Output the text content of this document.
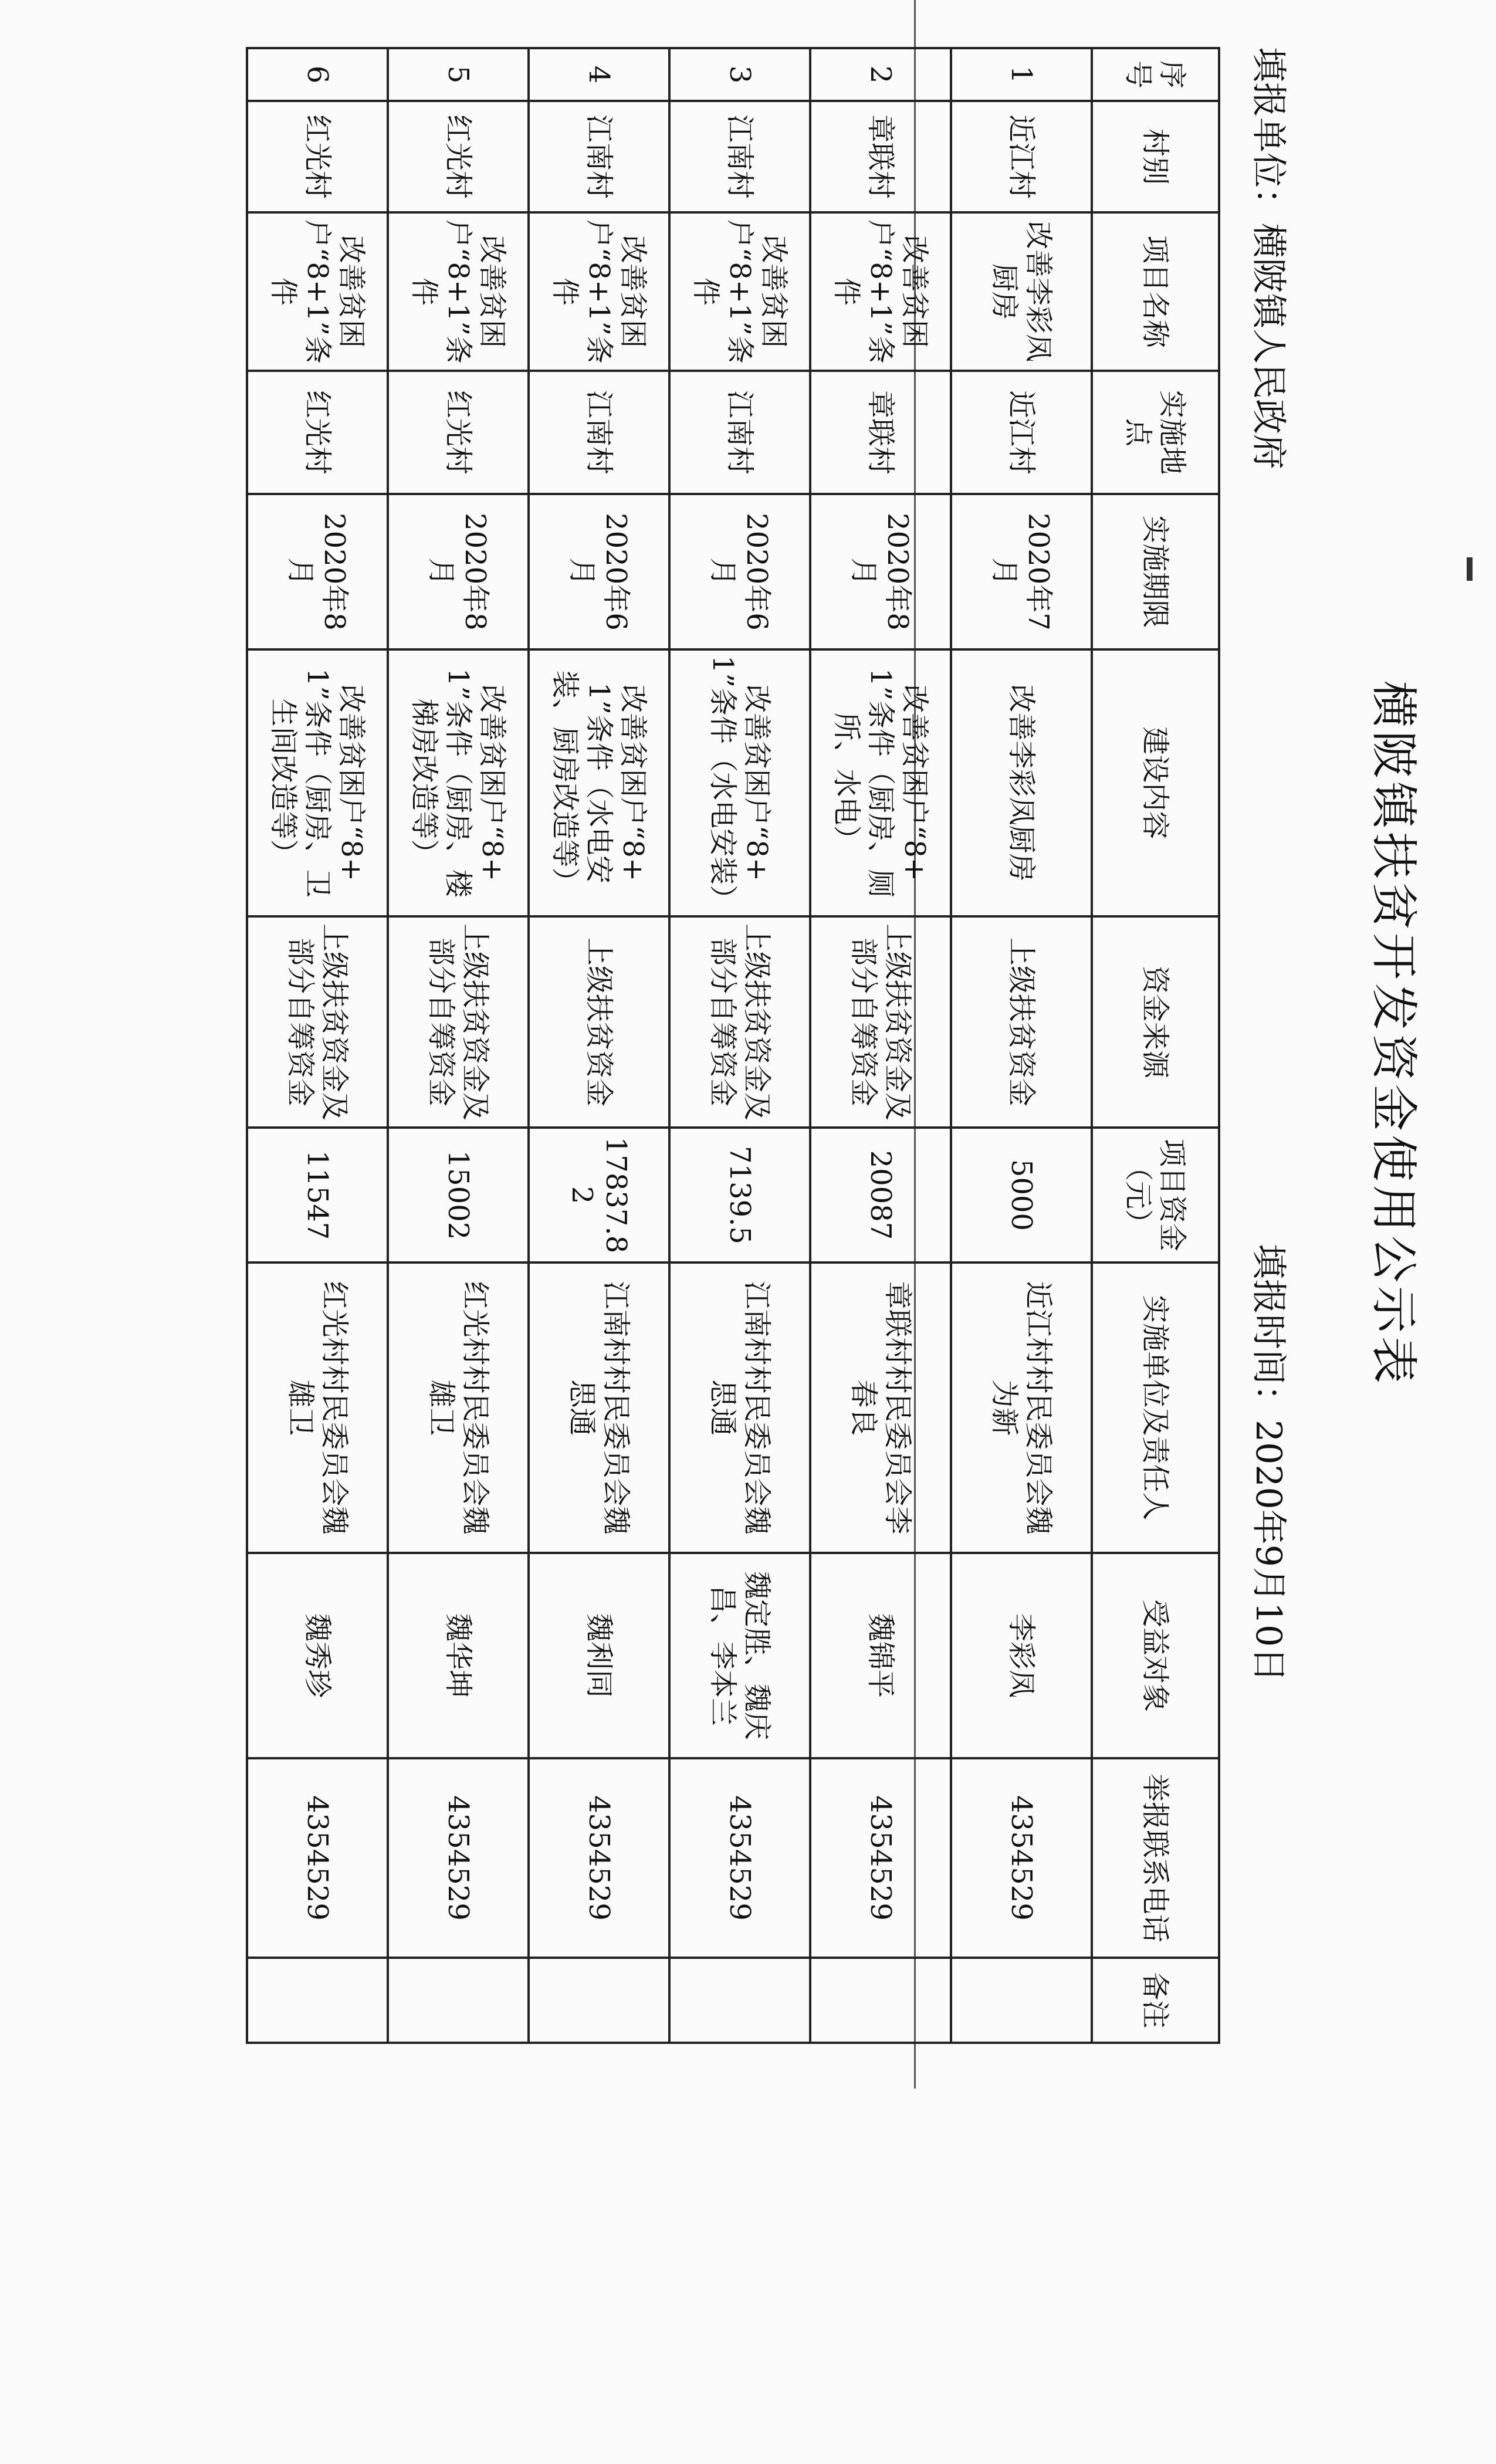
横陂镇扶贫开发资金使用公示表
填报单位：横陂镇人民政府
填报时间：2020年9月10日
序号	村别	项目名称	实施地点	实施期限	建设内容	资金来源	项目资金（元）	实施单位及责任人	受益对象	举报联系电话	备注
1	近江村	改善李彩凤厨房	近江村	2020年7月	改善李彩凤厨房	上级扶贫资金	5000	近江村村民委员会魏为新	李彩凤	4354529	
2	章联村	改善贫困户“8+1”条件	章联村	2020年8月	改善贫困户“8+1”条件（厨房、厕所、水电）	上级扶贫资金及部分自筹资金	20087	章联村村民委员会李春良	魏锦平	4354529	
3	江南村	改善贫困户“8+1”条件	江南村	2020年6月	改善贫困户“8+1”条件（水电安装）	上级扶贫资金及部分自筹资金	7139.5	江南村村民委员会魏思通	魏定胜、魏庆昌、李本兰	4354529	
4	江南村	改善贫困户“8+1”条件	江南村	2020年6月	改善贫困户“8+1”条件（水电安装、厨房改造等）	上级扶贫资金	17837.82	江南村村民委员会魏思通	魏利同	4354529	
5	红光村	改善贫困户“8+1”条件	红光村	2020年8月	改善贫困户“8+1”条件（厨房、楼梯房改造等）	上级扶贫资金及部分自筹资金	15002	红光村村民委员会魏雄卫	魏华坤	4354529	
6	红光村	改善贫困户“8+1”条件	红光村	2020年8月	改善贫困户“8+1”条件（厨房、卫生间改造等）	上级扶贫资金及部分自筹资金	11547	红光村村民委员会魏雄卫	魏秀珍	4354529	
